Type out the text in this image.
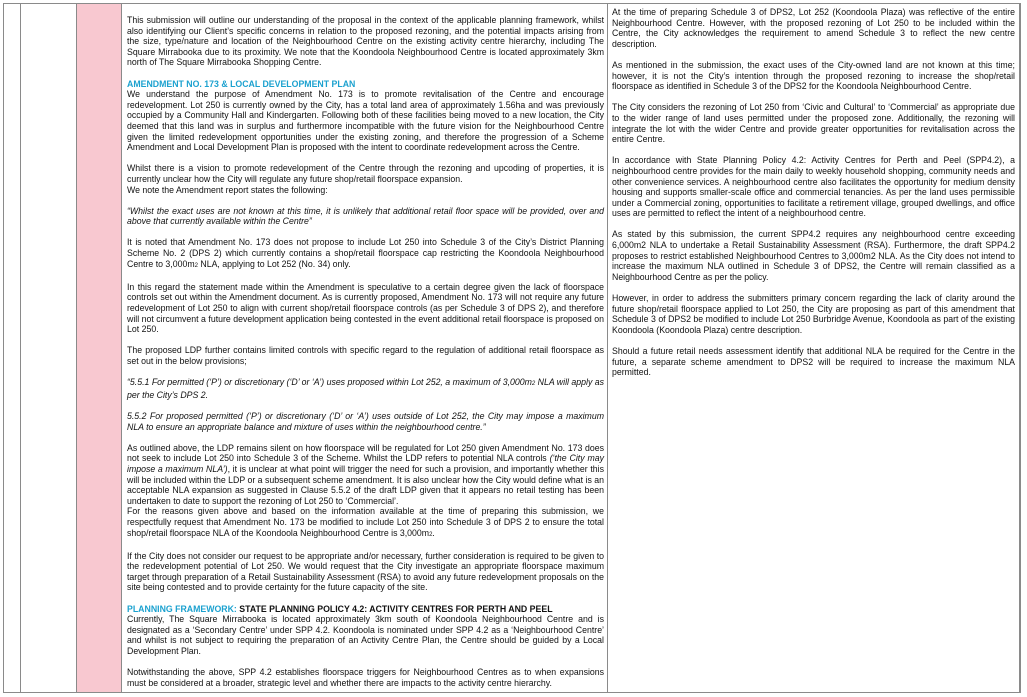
This submission will outline our understanding of the proposal in the context of the applicable planning framework, whilst also identifying our Client’s specific concerns in relation to the proposed rezoning, and the potential impacts arising from the size, type/nature and location of the Neighbourhood Centre on the existing activity centre hierarchy, including The Square Mirrabooka due to its proximity. We note that the Koondoola Neighbourhood Centre is located approximately 3km north of The Square Mirrabooka Shopping Centre.

AMENDMENT NO. 173 & LOCAL DEVELOPMENT PLAN

We understand the purpose of Amendment No. 173 is to promote revitalisation of the Centre and encourage redevelopment. Lot 250 is currently owned by the City, has a total land area of approximately 1.56ha and was previously occupied by a Community Hall and Kindergarten. Following both of these facilities being moved to a new location, the City deemed that this land was in surplus and furthermore incompatible with the future vision for the Neighbourhood Centre given the limited redevelopment opportunities under the existing zoning, and therefore the progression of a Scheme Amendment and Local Development Plan is proposed with the intent to coordinate redevelopment across the Centre.

Whilst there is a vision to promote redevelopment of the Centre through the rezoning and upcoding of properties, it is currently unclear how the City will regulate any future shop/retail floorspace expansion.

We note the Amendment report states the following:

“Whilst the exact uses are not known at this time, it is unlikely that additional retail floor space will be provided, over and above that currently available within the Centre”

It is noted that Amendment No. 173 does not propose to include Lot 250 into Schedule 3 of the City’s District Planning Scheme No. 2 (DPS 2) which currently contains a shop/retail floorspace cap restricting the Koondoola Neighbourhood Centre to 3,000m2 NLA, applying to Lot 252 (No. 34) only.

In this regard the statement made within the Amendment is speculative to a certain degree given the lack of floorspace controls set out within the Amendment document. As is currently proposed, Amendment No. 173 will not require any future redevelopment of Lot 250 to align with current shop/retail floorspace controls (as per Schedule 3 of DPS 2), and therefore will not circumvent a future development application being contested in the event additional retail floorspace is proposed on Lot 250.

The proposed LDP further contains limited controls with specific regard to the regulation of additional retail floorspace as set out in the below provisions;

“5.5.1 For permitted (‘P’) or discretionary (‘D’ or ‘A’) uses proposed within Lot 252, a maximum of 3,000m2 NLA will apply as per the City’s DPS 2.

5.5.2 For proposed permitted (‘P’) or discretionary (‘D’ or ‘A’) uses outside of Lot 252, the City may impose a maximum NLA to ensure an appropriate balance and mixture of uses within the neighbourhood centre.”

As outlined above, the LDP remains silent on how floorspace will be regulated for Lot 250 given Amendment No. 173 does not seek to include Lot 250 into Schedule 3 of the Scheme. Whilst the LDP refers to potential NLA controls (‘the City may impose a maximum NLA’), it is unclear at what point will trigger the need for such a provision, and importantly whether this will be included within the LDP or a subsequent scheme amendment. It is also unclear how the City would define what is an acceptable NLA expansion as suggested in Clause 5.5.2 of the draft LDP given that it appears no retail testing has been undertaken to date to support the rezoning of Lot 250 to ‘Commercial’.

For the reasons given above and based on the information available at the time of preparing this submission, we respectfully request that Amendment No. 173 be modified to include Lot 250 into Schedule 3 of DPS 2 to ensure the total shop/retail floorspace NLA of the Koondoola Neighbourhood Centre is 3,000m2.

If the City does not consider our request to be appropriate and/or necessary, further consideration is required to be given to the redevelopment potential of Lot 250. We would request that the City investigate an appropriate floorspace maximum target through preparation of a Retail Sustainability Assessment (RSA) to avoid any future redevelopment proposals on the site being contested and to provide certainty for the future capacity of the site.

PLANNING FRAMEWORK: STATE PLANNING POLICY 4.2: ACTIVITY CENTRES FOR PERTH AND PEEL

Currently, The Square Mirrabooka is located approximately 3km south of Koondoola Neighbourhood Centre and is designated as a ‘Secondary Centre’ under SPP 4.2. Koondoola is nominated under SPP 4.2 as a ‘Neighbourhood Centre’ and whilst is not subject to requiring the preparation of an Activity Centre Plan, the Centre should be guided by a Local Development Plan.

Notwithstanding the above, SPP 4.2 establishes floorspace triggers for Neighbourhood Centres as to when expansions must be considered at a broader, strategic level and whether there are impacts to the activity centre hierarchy.

At the time of preparing Schedule 3 of DPS2, Lot 252 (Koondoola Plaza) was reflective of the entire Neighbourhood Centre. However, with the proposed rezoning of Lot 250 to be included within the Centre, the City acknowledges the requirement to amend Schedule 3 to reflect the new centre description.

As mentioned in the submission, the exact uses of the City-owned land are not known at this time; however, it is not the City’s intention through the proposed rezoning to increase the shop/retail floorspace as identified in Schedule 3 of the DPS2 for the Koondoola Neighbourhood Centre.

The City considers the rezoning of Lot 250 from ‘Civic and Cultural’ to ‘Commercial’ as appropriate due to the wider range of land uses permitted under the proposed zone. Additionally, the rezoning will integrate the lot with the wider Centre and provide greater opportunities for revitalisation across the entire Centre.

In accordance with State Planning Policy 4.2: Activity Centres for Perth and Peel (SPP4.2), a neighbourhood centre provides for the main daily to weekly household shopping, community needs and other convenience services. A neighbourhood centre also facilitates the opportunity for medium density housing and supports smaller-scale office and commercial tenancies. As per the land uses permissible under a Commercial zoning, opportunities to facilitate a retirement village, grouped dwellings, and office uses are permitted to reflect the intent of a neighbourhood centre.

As stated by this submission, the current SPP4.2 requires any neighbourhood centre exceeding 6,000m2 NLA to undertake a Retail Sustainability Assessment (RSA). Furthermore, the draft SPP4.2 proposes to restrict established Neighbourhood Centres to 3,000m2 NLA. As the City does not intend to increase the maximum NLA outlined in Schedule 3 of DPS2, the Centre will remain classified as a Neighbourhood Centre as per the policy.

However, in order to address the submitters primary concern regarding the lack of clarity around the future shop/retail floorspace applied to Lot 250, the City are proposing as part of this amendment that Schedule 3 of DPS2 be modified to include Lot 250 Burbridge Avenue, Koondoola as part of the existing Koondoola (Koondoola Plaza) centre description.

Should a future retail needs assessment identify that additional NLA be required for the Centre in the future, a separate scheme amendment to DPS2 will be required to increase the maximum NLA permitted.
